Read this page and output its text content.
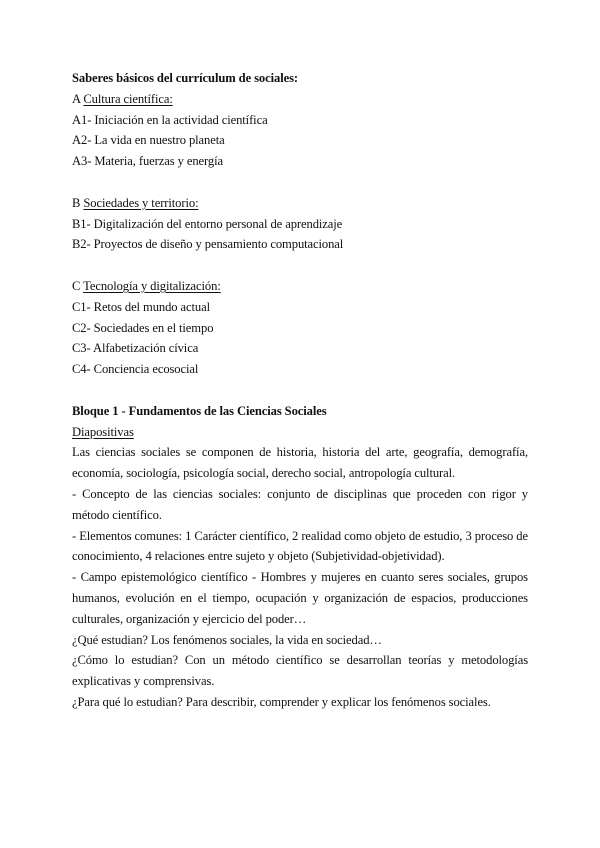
Saberes básicos del currículum de sociales:
A Cultura científica:
A1- Iniciación en la actividad científica
A2- La vida en nuestro planeta
A3- Materia, fuerzas y energía
B Sociedades y territorio:
B1- Digitalización del entorno personal de aprendizaje
B2- Proyectos de diseño y pensamiento computacional
C Tecnología y digitalización:
C1- Retos del mundo actual
C2- Sociedades en el tiempo
C3- Alfabetización cívica
C4- Conciencia ecosocial
Bloque 1 - Fundamentos de las Ciencias Sociales
Diapositivas
Las ciencias sociales se componen de historia, historia del arte, geografía, demografía, economía, sociología, psicología social, derecho social, antropología cultural.
- Concepto de las ciencias sociales: conjunto de disciplinas que proceden con rigor y método científico.
- Elementos comunes: 1 Carácter científico, 2 realidad como objeto de estudio, 3 proceso de conocimiento, 4 relaciones entre sujeto y objeto (Subjetividad-objetividad).
- Campo epistemológico científico - Hombres y mujeres en cuanto seres sociales, grupos humanos, evolución en el tiempo, ocupación y organización de espacios, producciones culturales, organización y ejercicio del poder…
¿Qué estudian? Los fenómenos sociales, la vida en sociedad…
¿Cómo lo estudian? Con un método científico se desarrollan teorías y metodologías explicativas y comprensivas.
¿Para qué lo estudian? Para describir, comprender y explicar los fenómenos sociales.
